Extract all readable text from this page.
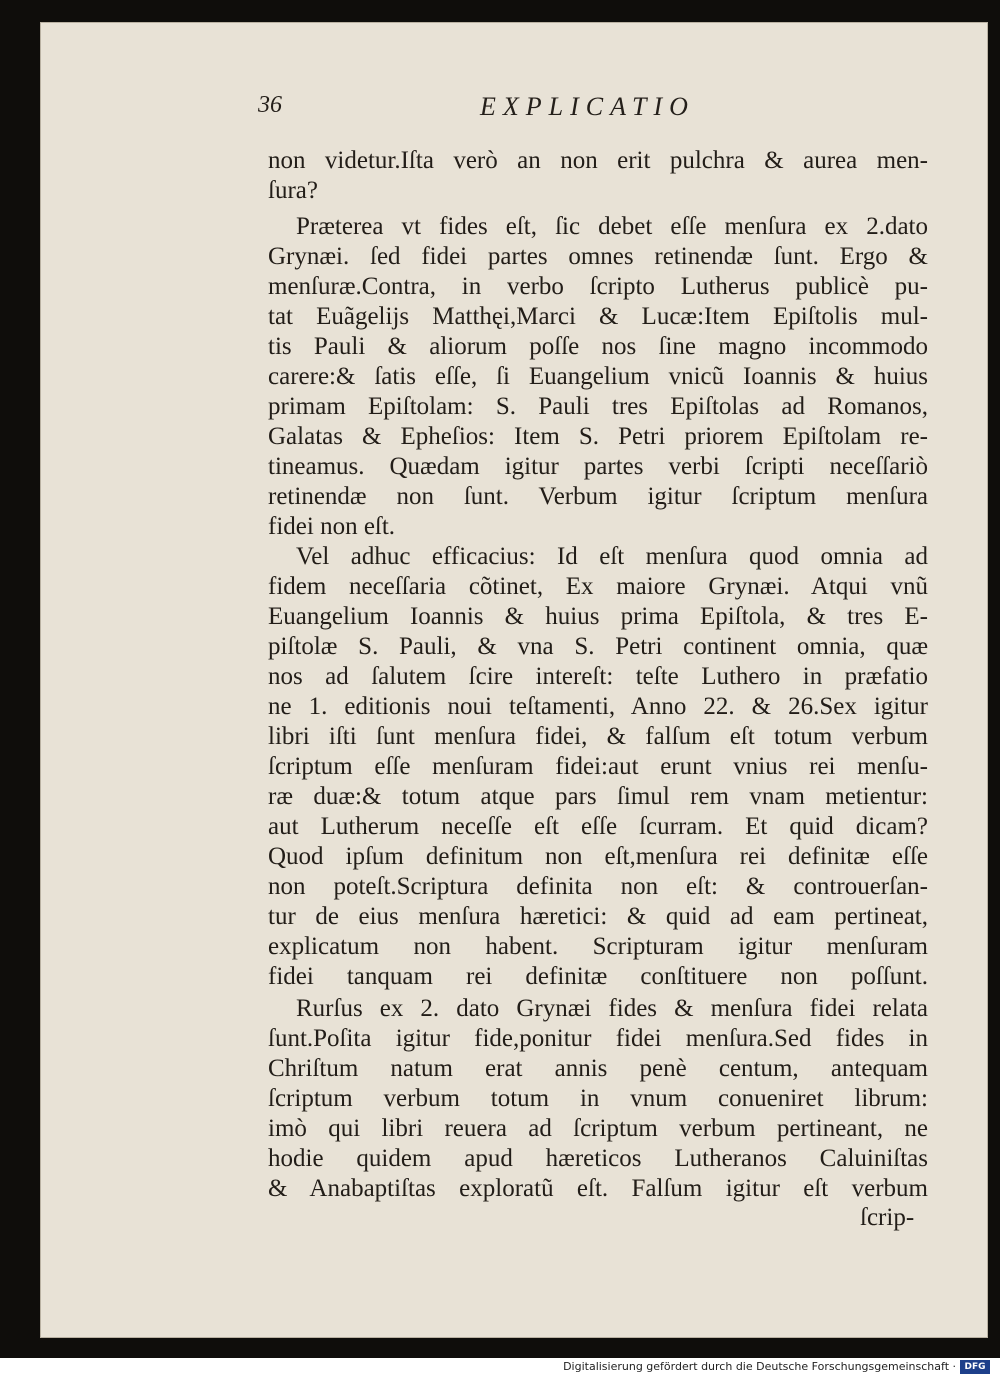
36	EXPLICATIO
non videtur.Iſta verò an non erit pulchra & aurea men-
ſura?
Præterea vt fides eſt, ſic debet eſſe menſura ex 2.dato
Grynæi. ſed fidei partes omnes retinendæ ſunt. Ergo &
menſuræ.Contra, in verbo ſcripto Lutherus publicè pu-
tat Euãgelijs Matthęi,Marci & Lucæ:Item Epiſtolis mul-
tis Pauli & aliorum poſſe nos ſine magno incommodo
carere:& ſatis eſſe, ſi Euangelium vnicũ Ioannis & huius
primam Epiſtolam: S. Pauli tres Epiſtolas ad Romanos,
Galatas & Epheſios: Item S. Petri priorem Epiſtolam re-
tineamus. Quædam igitur partes verbi ſcripti neceſſariò
retinendæ non ſunt. Verbum igitur ſcriptum menſura
fidei non eſt.
Vel adhuc efficacius: Id eſt menſura quod omnia ad
fidem neceſſaria cõtinet, Ex maiore Grynæi. Atqui vnũ
Euangelium Ioannis & huius prima Epiſtola, & tres E-
piſtolæ S. Pauli, & vna S. Petri continent omnia, quæ
nos ad ſalutem ſcire intereſt: teſte Luthero in præfatio
ne 1. editionis noui teſtamenti, Anno 22. & 26.Sex igitur
libri iſti ſunt menſura fidei, & falſum eſt totum verbum
ſcriptum eſſe menſuram fidei:aut erunt vnius rei menſu-
ræ duæ:& totum atque pars ſimul rem vnam metientur:
aut Lutherum neceſſe eſt eſſe ſcurram. Et quid dicam?
Quod ipſum definitum non eſt,menſura rei definitæ eſſe
non poteſt.Scriptura definita non eſt: & controuerſan-
tur de eius menſura hæretici: & quid ad eam pertineat,
explicatum non habent. Scripturam igitur menſuram
fidei tanquam rei definitæ conſtituere non poſſunt.
Rurſus ex 2. dato Grynæi fides & menſura fidei relata
ſunt.Poſita igitur fide,ponitur fidei menſura.Sed fides in
Chriſtum natum erat annis penè centum, antequam
ſcriptum verbum totum in vnum conueniret librum:
imò qui libri reuera ad ſcriptum verbum pertineant, ne
hodie quidem apud hæreticos Lutheranos Caluiniſtas
& Anabaptiſtas exploratũ eſt. Falſum igitur eſt verbum
ſcrip-
Digitalisierung gefördert durch die Deutsche Forschungsgemeinschaft · DFG
